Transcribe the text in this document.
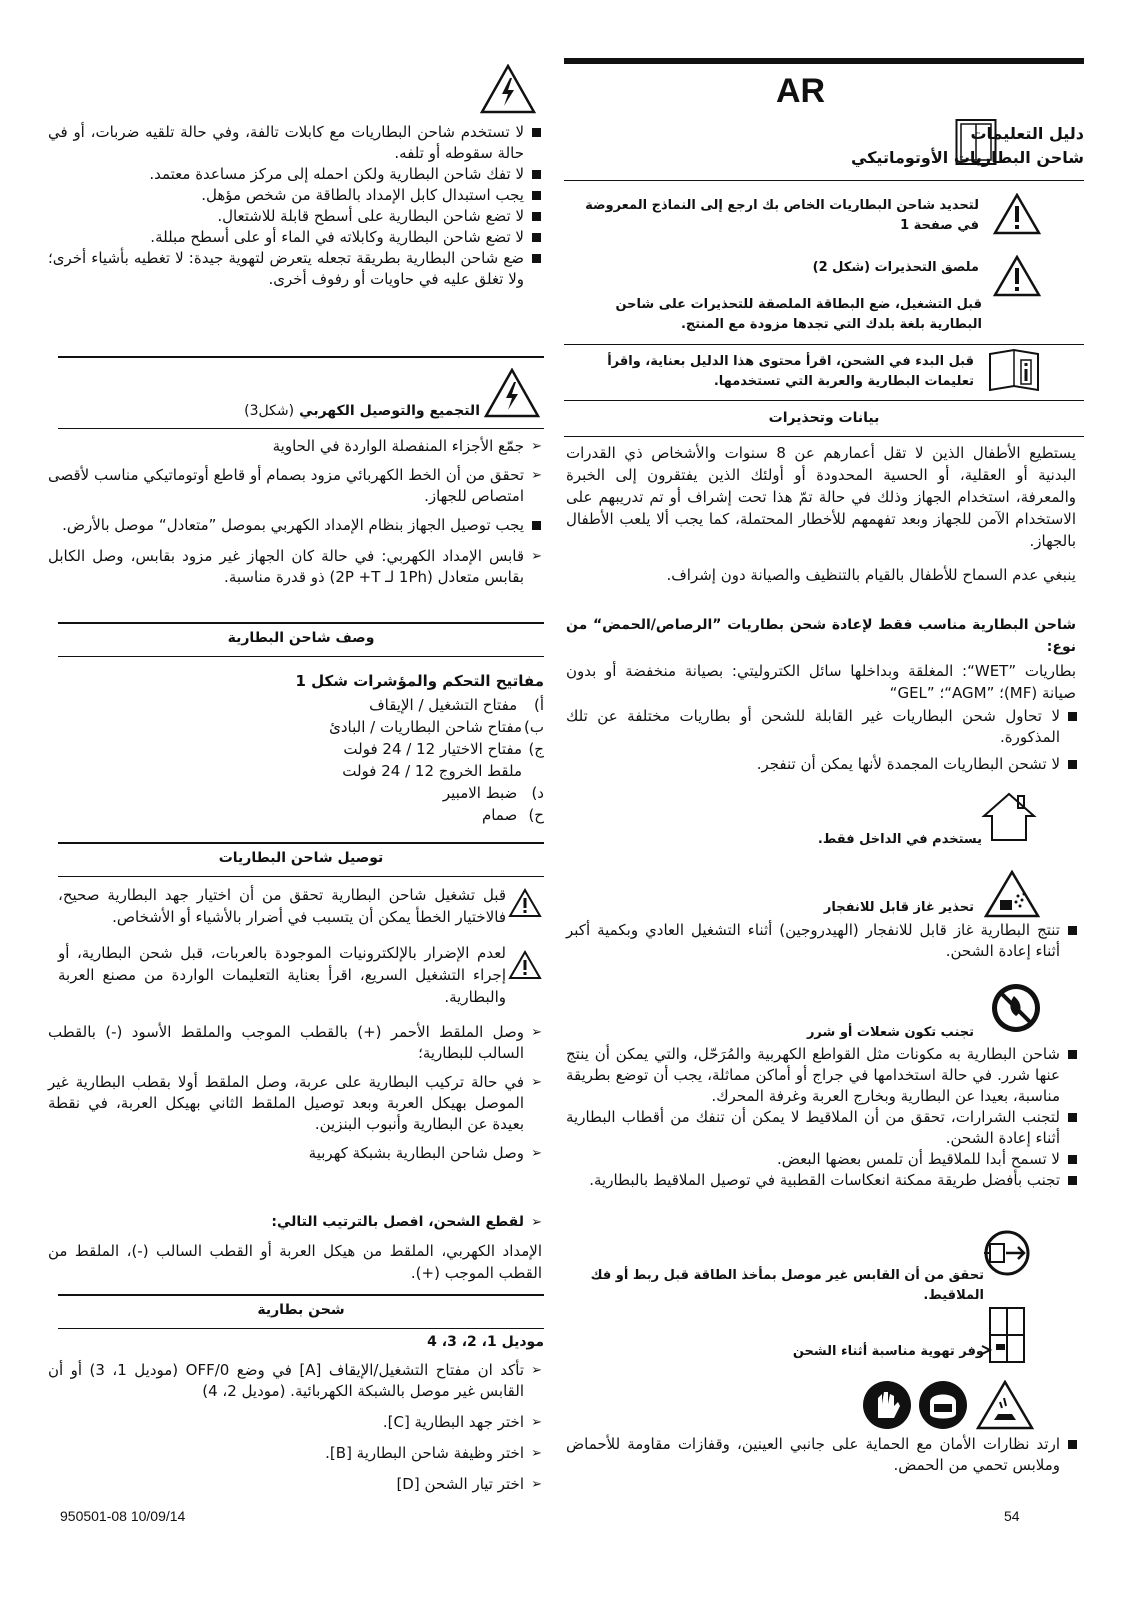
AR
دليل التعليمات
شاحن البطاريات الأوتوماتيكي
لتحديد شاحن البطاريات الخاص بك ارجع إلى النماذج المعروضة في صفحة 1
ملصق التحذيرات (شكل 2)
قبل التشغيل، ضع البطاقة الملصقة للتحذيرات على شاحن البطارية بلغة بلدك التي تجدها مزودة مع المنتج.
قبل البدء في الشحن، اقرأ محتوى هذا الدليل بعناية، واقرأ تعليمات البطارية والعربة التي تستخدمها.
بيانات وتحذيرات
يستطيع الأطفال الذين لا تقل أعمارهم عن 8 سنوات والأشخاص ذي القدرات البدنية أو العقلية، أو الحسية المحدودة أو أولئك الذين يفتقرون إلى الخبرة والمعرفة، استخدام الجهاز وذلك في حالة تمّ هذا تحت إشراف أو تم تدريبهم على الاستخدام الآمن للجهاز وبعد تفهمهم للأخطار المحتملة، كما يجب ألا يلعب الأطفال بالجهاز.
ينبغي عدم السماح للأطفال بالقيام بالتنظيف والصيانة دون إشراف.
شاحن البطارية مناسب فقط لإعادة شحن بطاريات ”الرصاص/الحمض“ من نوع:
بطاريات ”WET“: المغلقة وبداخلها سائل الكتروليتي: بصيانة منخفضة أو بدون صيانة (MF)؛ ”AGM“؛ ”GEL“
لا تحاول شحن البطاريات غير القابلة للشحن أو بطاريات مختلفة عن تلك المذكورة.
لا تشحن البطاريات المجمدة لأنها يمكن أن تنفجر.
يستخدم في الداخل فقط.
تحذير غاز قابل للانفجار
تنتج البطارية غاز قابل للانفجار (الهيدروجين) أثناء التشغيل العادي وبكمية أكبر أثناء إعادة الشحن.
تجنب تكون شعلات أو شرر
شاحن البطارية به مكونات مثل القواطع الكهربية والمُرَحّل، والتي يمكن أن ينتج عنها شرر. في حالة استخدامها في جراج أو أماكن مماثلة، يجب أن توضع بطريقة مناسبة، بعيدا عن البطارية وبخارج العربة وغرفة المحرك.
لتجنب الشرارات، تحقق من أن الملاقيط لا يمكن أن تنفك من أقطاب البطارية أثناء إعادة الشحن.
لا تسمح أبدا للملاقيط أن تلمس بعضها البعض.
تجنب بأفضل طريقة ممكنة انعكاسات القطبية في توصيل الملاقيط بالبطارية.
تحقق من أن القابس غير موصل بمأخذ الطاقة قبل ربط أو فك الملاقيط.
وفر تهوية مناسبة أثناء الشحن
ارتد نظارات الأمان مع الحماية على جانبي العينين، وقفازات مقاومة للأحماض وملابس تحمي من الحمض.
54
لا تستخدم شاحن البطاريات مع كابلات تالفة، وفي حالة تلقيه ضربات، أو في حالة سقوطه أو تلفه.
لا تفك شاحن البطارية ولكن احمله إلى مركز مساعدة معتمد.
يجب استبدال كابل الإمداد بالطاقة من شخص مؤهل.
لا تضع شاحن البطارية على أسطح قابلة للاشتعال.
لا تضع شاحن البطارية وكابلاته في الماء أو على أسطح مبللة.
ضع شاحن البطارية بطريقة تجعله يتعرض لتهوية جيدة: لا تغطيه بأشياء أخرى؛ ولا تغلق عليه في حاويات أو رفوف أخرى.
التجميع والتوصيل الكهربي (شكل3)
➢
جمّع الأجزاء المنفصلة الواردة في الحاوية
➢
تحقق من أن الخط الكهربائي مزود بصمام أو قاطع أوتوماتيكي مناسب لأقصى امتصاص للجهاز.
يجب توصيل الجهاز بنظام الإمداد الكهربي بموصل ”متعادل“ موصل بالأرض.
➢
قابس الإمداد الكهربي: في حالة كان الجهاز غير مزود بقابس، وصل الكابل بقابس متعادل (1Ph لـ 2P +T) ذو قدرة مناسبة.
وصف شاحن البطارية
مفاتيح التحكم والمؤشرات شكل 1
أ) مفتاح التشغيل / الإيقاف
ب)مفتاح شاحن البطاريات / البادئ
ج)مفتاح الاختيار 12 / 24 فولت
ملقط الخروج 12 / 24 فولت
د) ضبط الامبير
ح) صمام
توصيل شاحن البطاريات
قبل تشغيل شاحن البطارية تحقق من أن اختيار جهد البطارية صحيح، فالاختيار الخطأ يمكن أن يتسبب في أضرار بالأشياء أو الأشخاص.
لعدم الإضرار بالإلكترونيات الموجودة بالعربات، قبل شحن البطارية، أو إجراء التشغيل السريع، اقرأ بعناية التعليمات الواردة من مصنع العربة والبطارية.
➢ وصل الملقط الأحمر (+) بالقطب الموجب والملقط الأسود (-) بالقطب السالب للبطارية؛
➢ في حالة تركيب البطارية على عربة، وصل الملقط أولا بقطب البطارية غير الموصل بهيكل العربة وبعد توصيل الملقط الثاني بهيكل العربة، في نقطة بعيدة عن البطارية وأنبوب البنزين.
➢ وصل شاحن البطارية بشبكة كهربية
➢ لقطع الشحن، افصل بالترتيب التالي:
الإمداد الكهربي، الملقط من هيكل العربة أو القطب السالب (-)، الملقط من القطب الموجب (+).
شحن بطارية
موديل 1، 2، 3، 4
➢ تأكد ان مفتاح التشغيل/الإيقاف [A] في وضع 0/OFF (موديل 1، 3) أو أن القابس غير موصل بالشبكة الكهربائية. (موديل 2، 4)
➢ اختر جهد البطارية [C].
➢ اختر وظيفة شاحن البطارية [B].
➢ اختر تيار الشحن [D]
950501-08 10/09/14
